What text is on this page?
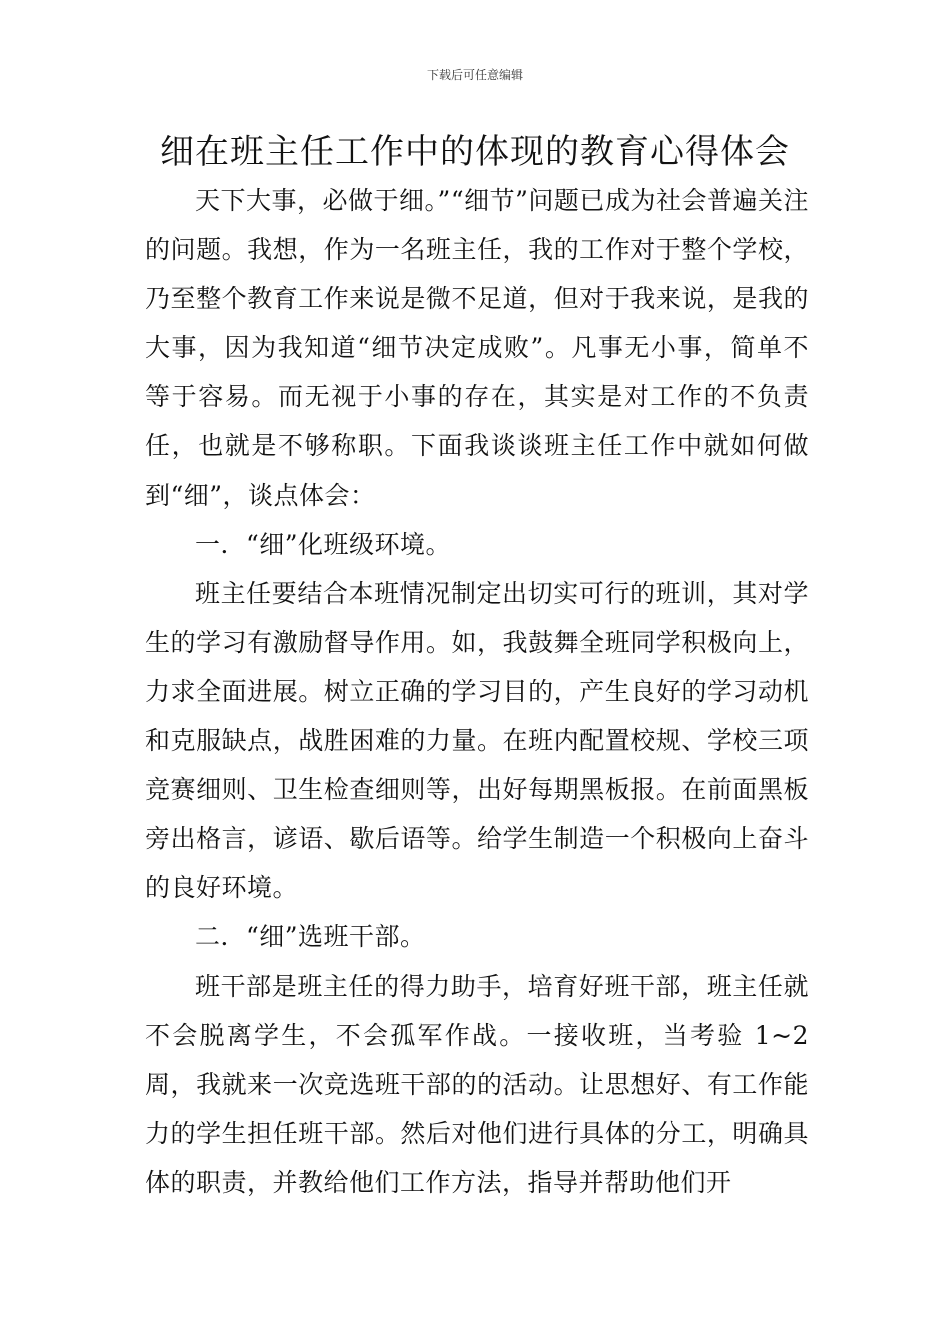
下载后可任意编辑
细在班主任工作中的体现的教育心得体会

天下大事，必做于细。”“细节”问题已成为社会普遍关注的问题。我想，作为一名班主任，我的工作对于整个学校，乃至整个教育工作来说是微不足道，但对于我来说，是我的大事，因为我知道“细节决定成败”。凡事无小事，简单不等于容易。而无视于小事的存在，其实是对工作的不负责任，也就是不够称职。下面我谈谈班主任工作中就如何做到“细”，谈点体会：

一．“细”化班级环境。

班主任要结合本班情况制定出切实可行的班训，其对学生的学习有激励督导作用。如，我鼓舞全班同学积极向上，力求全面进展。树立正确的学习目的，产生良好的学习动机和克服缺点，战胜困难的力量。在班内配置校规、学校三项竞赛细则、卫生检查细则等，出好每期黑板报。在前面黑板旁出格言，谚语、歇后语等。给学生制造一个积极向上奋斗的良好环境。

二．“细”选班干部。

班干部是班主任的得力助手，培育好班干部，班主任就不会脱离学生，不会孤军作战。一接收班，当考验 1~2 周，我就来一次竞选班干部的的活动。让思想好、有工作能力的学生担任班干部。然后对他们进行具体的分工，明确具体的职责，并教给他们工作方法，指导并帮助他们开
